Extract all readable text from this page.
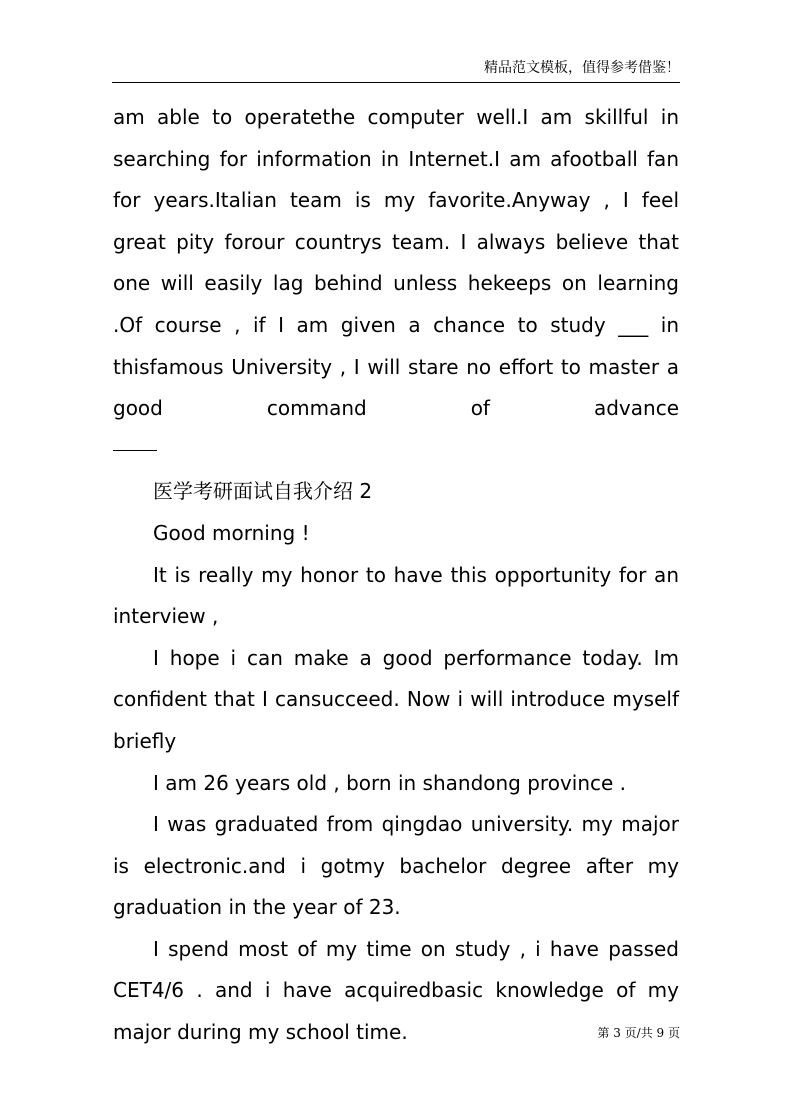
精品范文模板，值得参考借鉴！

am able to operatethe computer well.I am skillful in searching for information in Internet.I am afootball fan for years.Italian team is my favorite.Anyway , I feel great pity forour countrys team. I always believe that one will easily lag behind unless hekeeps on learning .Of course , if I am given a chance to study ___ in thisfamous University , I will stare no effort to master a good command of advance

医学考研面试自我介绍 2

Good morning !

It is really my honor to have this opportunity for an interview ,

I hope i can make a good performance today. Im confident that I cansucceed. Now i will introduce myself briefly

I am 26 years old , born in shandong province .

I was graduated from qingdao university. my major is electronic.and i gotmy bachelor degree after my graduation in the year of 23.

I spend most of my time on study , i have passed CET4/6 . and i have acquiredbasic knowledge of my major during my school time.	第 3 页/共 9 页
